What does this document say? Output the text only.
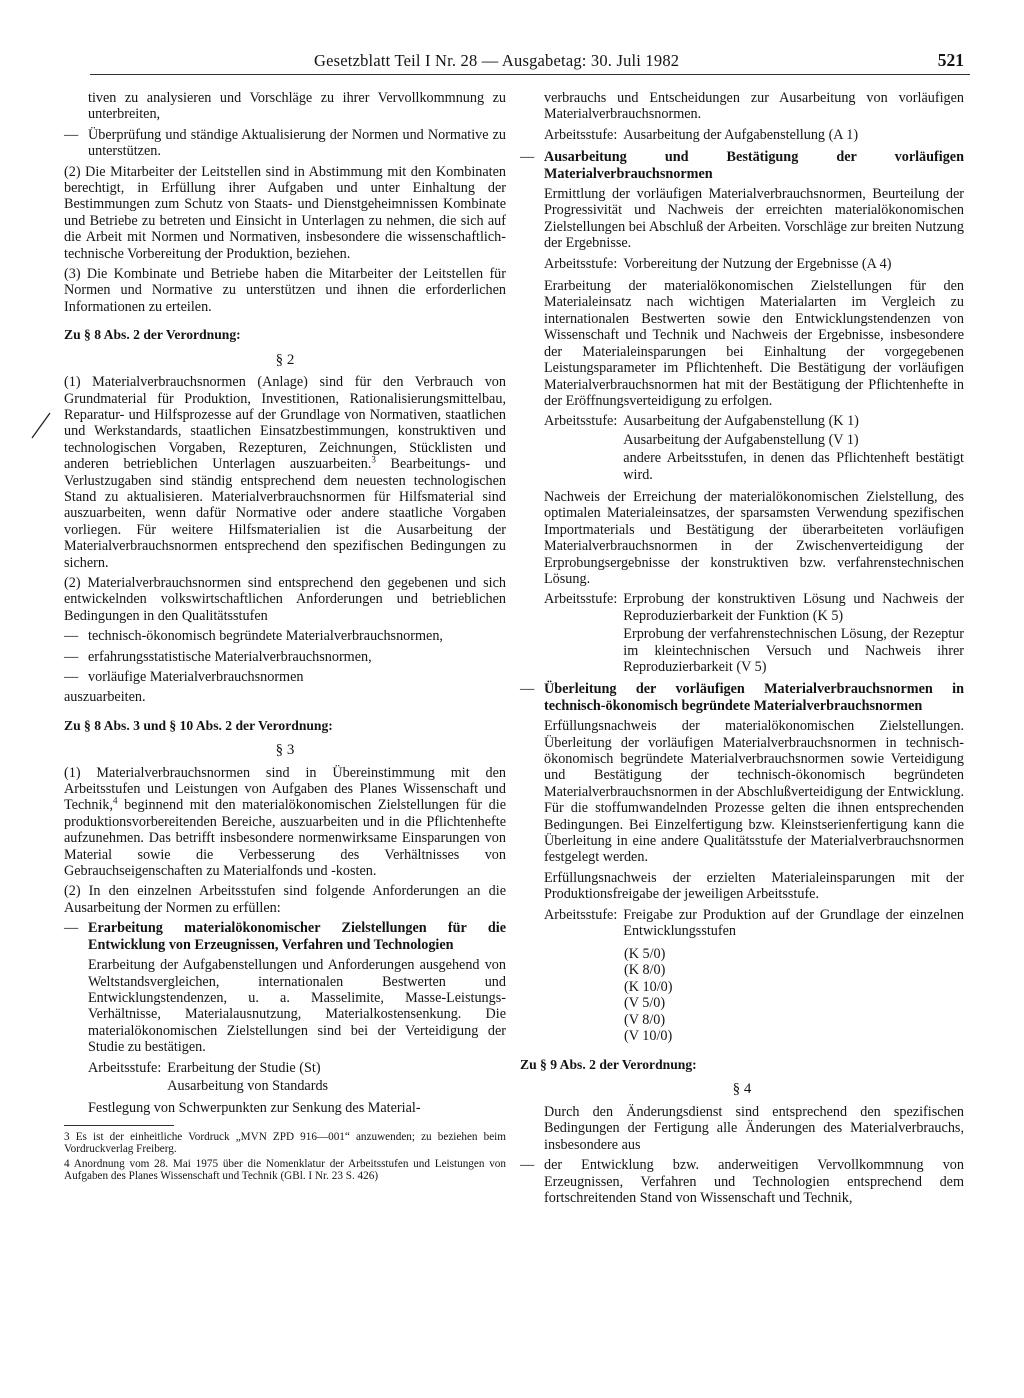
Gesetzblatt Teil I Nr. 28 — Ausgabetag: 30. Juli 1982	521

tiven zu analysieren und Vorschläge zu ihrer Vervollkommnung zu unterbreiten,

— Überprüfung und ständige Aktualisierung der Normen und Normative zu unterstützen.

(2) Die Mitarbeiter der Leitstellen sind in Abstimmung mit den Kombinaten berechtigt, in Erfüllung ihrer Aufgaben und unter Einhaltung der Bestimmungen zum Schutz von Staats- und Dienstgeheimnissen Kombinate und Betriebe zu betreten und Einsicht in Unterlagen zu nehmen, die sich auf die Arbeit mit Normen und Normativen, insbesondere die wissenschaftlich-technische Vorbereitung der Produktion, beziehen.

(3) Die Kombinate und Betriebe haben die Mitarbeiter der Leitstellen für Normen und Normative zu unterstützen und ihnen die erforderlichen Informationen zu erteilen.

Zu § 8 Abs. 2 der Verordnung:
§ 2

(1) Materialverbrauchsnormen (Anlage) sind für den Verbrauch von Grundmaterial für Produktion, Investitionen, Rationalisierungsmittelbau, Reparatur- und Hilfsprozesse auf der Grundlage von Normativen, staatlichen und Werkstandards, staatlichen Einsatzbestimmungen, konstruktiven und technologischen Vorgaben, Rezepturen, Zeichnungen, Stücklisten und anderen betrieblichen Unterlagen auszuarbeiten.$^3$ Bearbeitungs- und Verlustzugaben sind ständig entsprechend dem neuesten technologischen Stand zu aktualisieren. Materialverbrauchsnormen für Hilfsmaterial sind auszuarbeiten, wenn dafür Normative oder andere staatliche Vorgaben vorliegen. Für weitere Hilfsmaterialien ist die Ausarbeitung der Materialverbrauchsnormen entsprechend den spezifischen Bedingungen zu sichern.

(2) Materialverbrauchsnormen sind entsprechend den gegebenen und sich entwickelnden volkswirtschaftlichen Anforderungen und betrieblichen Bedingungen in den Qualitätsstufen

— technisch-ökonomisch begründete Materialverbrauchsnormen,
— erfahrungsstatistische Materialverbrauchsnormen,
— vorläufige Materialverbrauchsnormen

auszuarbeiten.

Zu § 8 Abs. 3 und § 10 Abs. 2 der Verordnung:
§ 3

(1) Materialverbrauchsnormen sind in Übereinstimmung mit den Arbeitsstufen und Leistungen von Aufgaben des Planes Wissenschaft und Technik,$^4$ beginnend mit den materialökonomischen Zielstellungen für die produktionsvorbereitenden Bereiche, auszuarbeiten und in die Pflichtenhefte aufzunehmen. Das betrifft insbesondere normenwirksame Einsparungen von Material sowie die Verbesserung des Verhältnisses von Gebrauchseigenschaften zu Materialfonds und -kosten.

(2) In den einzelnen Arbeitsstufen sind folgende Anforderungen an die Ausarbeitung der Normen zu erfüllen:

— Erarbeitung materialökonomischer Zielstellungen für die Entwicklung von Erzeugnissen, Verfahren und Technologien

Erarbeitung der Aufgabenstellungen und Anforderungen ausgehend von Weltstandsvergleichen, internationalen Bestwerten und Entwicklungstendenzen, u. a. Masselimite, Masse-Leistungs-Verhältnisse, Materialausnutzung, Materialkostensenkung. Die materialökonomischen Zielstellungen sind bei der Verteidigung der Studie zu bestätigen.

Arbeitsstufe: Erarbeitung der Studie (St)
Ausarbeitung von Standards

Festlegung von Schwerpunkten zur Senkung des Material-

3 Es ist der einheitliche Vordruck „MVN ZPD 916—001“ anzuwenden; zu beziehen beim Vordruckverlag Freiberg.

4 Anordnung vom 28. Mai 1975 über die Nomenklatur der Arbeitsstufen und Leistungen von Aufgaben des Planes Wissenschaft und Technik (GBl. I Nr. 23 S. 426)

verbrauchs und Entscheidungen zur Ausarbeitung von vorläufigen Materialverbrauchsnormen.

Arbeitsstufe: Ausarbeitung der Aufgabenstellung (A 1)
— Ausarbeitung und Bestätigung der vorläufigen Materialverbrauchsnormen

Ermittlung der vorläufigen Materialverbrauchsnormen, Beurteilung der Progressivität und Nachweis der erreichten materialökonomischen Zielstellungen bei Abschluß der Arbeiten. Vorschläge zur breiten Nutzung der Ergebnisse.

Arbeitsstufe: Vorbereitung der Nutzung der Ergebnisse (A 4)

Erarbeitung der materialökonomischen Zielstellungen für den Materialeinsatz nach wichtigen Materialarten im Vergleich zu internationalen Bestwerten sowie den Entwicklungstendenzen von Wissenschaft und Technik und Nachweis der Ergebnisse, insbesondere der Materialeinsparungen bei Einhaltung der vorgegebenen Leistungsparameter im Pflichtenheft. Die Bestätigung der vorläufigen Materialverbrauchsnormen hat mit der Bestätigung der Pflichtenhefte in der Eröffnungsverteidigung zu erfolgen.

Arbeitsstufe: Ausarbeitung der Aufgabenstellung (K 1)
Ausarbeitung der Aufgabenstellung (V 1)
andere Arbeitsstufen, in denen das Pflichtenheft bestätigt wird.

Nachweis der Erreichung der materialökonomischen Zielstellung, des optimalen Materialeinsatzes, der sparsamsten Verwendung spezifischen Importmaterials und Bestätigung der überarbeiteten vorläufigen Materialverbrauchsnormen in der Zwischenverteidigung der Erprobungsergebnisse der konstruktiven bzw. verfahrenstechnischen Lösung.

Arbeitsstufe: Erprobung der konstruktiven Lösung und Nachweis der Reproduzierbarkeit der Funktion (K 5)
Erprobung der verfahrenstechnischen Lösung, der Rezeptur im kleintechnischen Versuch und Nachweis ihrer Reproduzierbarkeit (V 5)
— Überleitung der vorläufigen Materialverbrauchsnormen in technisch-ökonomisch begründete Materialverbrauchsnormen

Erfüllungsnachweis der materialökonomischen Zielstellungen. Überleitung der vorläufigen Materialverbrauchsnormen in technisch-ökonomisch begründete Materialverbrauchsnormen sowie Verteidigung und Bestätigung der technisch-ökonomisch begründeten Materialverbrauchsnormen in der Abschlußverteidigung der Entwicklung. Für die stoffumwandelnden Prozesse gelten die ihnen entsprechenden Bedingungen. Bei Einzelfertigung bzw. Kleinstserienfertigung kann die Überleitung in eine andere Qualitätsstufe der Materialverbrauchsnormen festgelegt werden.

Erfüllungsnachweis der erzielten Materialeinsparungen mit der Produktionsfreigabe der jeweiligen Arbeitsstufe.

Arbeitsstufe: Freigabe zur Produktion auf der Grundlage der einzelnen Entwicklungsstufen
(K 5/0)
(K 8/0)
(K 10/0)
(V 5/0)
(V 8/0)
(V 10/0)
Zu § 9 Abs. 2 der Verordnung:
§ 4

Durch den Änderungsdienst sind entsprechend den spezifischen Bedingungen der Fertigung alle Änderungen des Materialverbrauchs, insbesondere aus

— der Entwicklung bzw. anderweitigen Vervollkommnung von Erzeugnissen, Verfahren und Technologien entsprechend dem fortschreitenden Stand von Wissenschaft und Technik,
